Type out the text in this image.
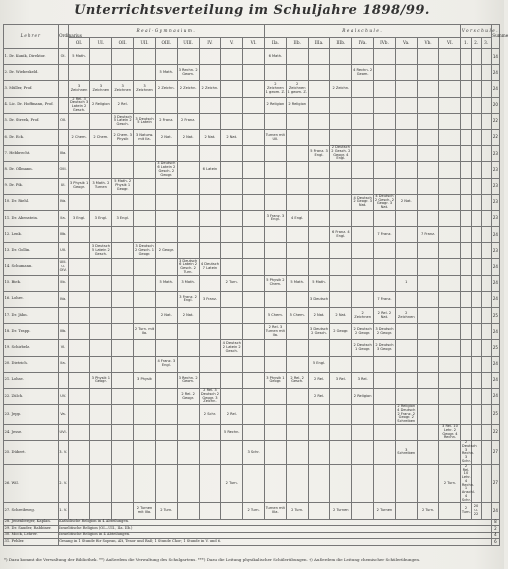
Unterrichtsverteilung im Schuljahre 1898/99.
Lehrer	Ordinarius	Real-Gymnasium.									Realschule.									Vorschule.			Summe
		OI.	UI.	OII.	UII.	OIII.	UIII.	IV.	V.	VI.	IIa.	IIb.	IIIa.	IIIb.	IVa.	IVb.	Va.	Vb.	VI.	1.	2.	3.	
1. Dr. Kunik, Direktor.	OI.	5 Math.									6 Math.												14
2. Dr. Wiebeskeld.						5 Math.	3 Rechn. 2 Geom.								4 Rechn. 2 Geom.								24
3. Müller, Prof.		3 Zeichnen	3 Zeichnen	3 Zeichnen	3 Zeichnen	2 Zeichn.	2 Zeichn.	2 Zeichn.			2 Zeichnen 1 geom. Z.	2 Zeichnen 1 geom. Z.		2 Zeichn.									24
4. Lic. Dr. Hoffmann, Prof.		2 Rel. 3 Deutsch 3 Latein 2 Gesch.	2 Religion	2 Rel.							2 Religion	2 Religion											20
5. Dr. Streek, Prof.	OII.			3 Deutsch 5 Latein 2 Gesch.	3 Deutsch 5 Latein	2 Franz.	2 Franz.																22
6. Dr. Eck.		2 Chem.	2 Chem.	2 Chem. 3 Physik	3 Naturw. mit IIa.	2 Nat.	2 Nat.	2 Nat.	2 Nat.		Turnen mit UII.												22
7. Hebbrecht.	IIIa.												5 Franz. 3 Engl.	2 Deutsch 2 Gesch. 2 Geogr. 4 Engl.									23
8. Dr. Ollmann.	OIII.					3 Deutsch 6 Latein 2 Gesch. 2 Geogr.		6 Latein															23
9. Dr. Pik.	UI.	3 Physik 1 Geogr.	3 Math. 2 Turnen	5 Math. 2 Physik 1 Geogr.																			23
10. Dr. Riehl.	IVa.														4 Deutsch 2 Geogr. 3 Nat.	4 Deutsch 2 Gesch. 2 Geogr. 3 Nat.	2 Nat.						23
11. Dr. Abenstein.	IIa.	3 Engl.	3 Engl.	3 Engl.							3 Franz. 3 Engl.	4 Engl.											23
12. Lenk.	IIIb.													6 Franz. 4 Engl.		7 Franz.		7 Franz.					24
13. Dr. Gollin.	UII.		3 Deutsch 5 Latein 2 Gesch.		3 Deutsch 2 Gesch. 1 Geogr.	2 Geogr.																	23
14. Schumann.	UIII. u. OIV.						3 Deutsch 6 Latein 2 Gesch. 2 Turn.	4 Deutsch 7 Latein															24
15. Biek.	IIb.					5 Math.	3 Math.		2 Turn.		5 Physik 2 Chem.	5 Math.	5 Math.				1						24
16. Lohre.	IVa.						3 Franz. 2 Engl.	3 Franz.					3 Deutsch			7 Franz.							24
17. Dr. Jähn.						2 Nat.	2 Nat.				5 Chem.	5 Chem.	2 Nat.	2 Nat.	2 Zeichnen	2 Rel. 2 Nat.	2 Zeichnen						25
18. Dr. Trapp.	IIIb.				2 Turn. mit IIa.						2 Rel. 3 Turnen mit IIa.		3 Deutsch 2 Gesch.	2 Geogr.	2 Deutsch 2 Geogr.	3 Deutsch 2 Geogr.							24
19. Schirbelz.	VI.								4 Deutsch 2 Latein 2 Gesch.						2 Deutsch 1 Geogr.	2 Deutsch 3 Geogr.							25
20. Dietrich.	IIa.					4 Franz. 3 Engl.							5 Engl.										24
21. Lohse.			3 Physik 1 Geogr.		3 Physik		3 Rechn. 2 Geom.				3 Physik 1 Geogr.	2 Rel. 2 Gesch.	2 Rel.	3 Rel.	3 Rel.								24
22. Zülch.	UV.						2 Rel. 2 Geogr.	2 Rel. 3 Deutsch 2 Geogr. 3 Zeichn.					2 Rel.		2 Religion								24
23. Jepp.	Va.							2 Schr.	2 Rel.								2 Religion 4 Deutsch 2 Franz. 2 Geogr. 2 Schreiben						25
24. Jesse.	UVI.								5 Rechn.										3 Rel. 10 Lehr. 2 Geogr. 4 Rechn.				22
25. Dübert.	3. V.									3 Schr.							3 Schreiben			2 Deutsch 3 Rechn. 3 Schr.			27
26. Wil.	2. V.								2 Turn.										2 Turn.	2 Rel. 10 Lehr. 4 Rechn. 1 Anschl. 4 Schr.			27
27. Schreibweg.	1. V.				2 Turnen mit IIIa.	2 Turn.				2 Turn.	Turnen mit IIIa.	2 Turn.		2 Turnen		2 Turnen		2 Turn.		2 Turn.	20 u. 22		24
28. Jenenberger, Kaplan.	Katholische Religion in 4 Abteilungen.																						8
29. Dr. Sauder, Rabbiner.	Israelitische Religion (OI—UII., IIa. IIb.)																						2
30. Mock, Lehrer.	Israelitische Religion in 4 Abteilungen.																						4
31. Fehler.	Gesang in 1 Stunde für Sopran, Alt, Tenor und Baß; 1 Stunde Chor; 1 Stunde in V. und 6.																						6
*) Dazu kommt die Verwaltung der Bibliothek. **) Außerdem die Verwaltung des Schulgartens. ***) Dazu die Leitung physikalischer Schülerübungen. †) Außerdem die Leitung chemischer Schülerübungen.
